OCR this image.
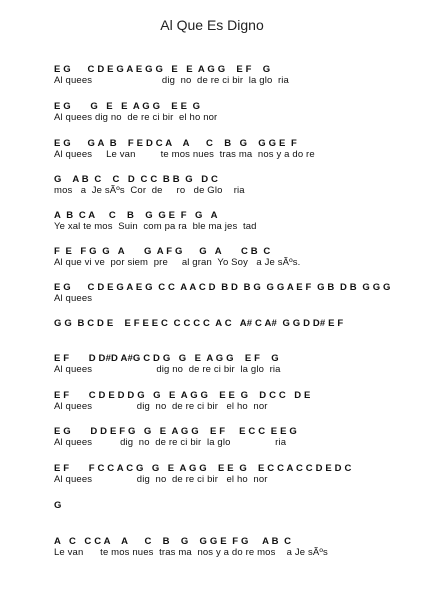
Al Que Es Digno
E G      C D E G A E G G   E   E  A G G    E F    G
Al quees                         dig  no  de re ci bir  la glo  ria
E G       G   E   E  A G G    E E  G
Al quees dig no  de re ci bir  el ho nor
E G      G A  B    F E D C A    A      C    B   G    G G E  F
Al quees     Le van         te mos nues  tras ma  nos y a do re
G    A B  C    C   D  C C  B B  G   D C
mos   a  Je sÃºs  Cor  de     ro   de Glo    ria
A  B  C A     C    B    G  G E  F   G   A
Ye xal te mos  Suin  com pa ra  ble ma jes  tad
F  E   F G  G   A       G  A F G      G   A       C B  C
Al que vi ve  por siem  pre     al gran  Yo Soy   a Je sÃºs.
E G      C D E G A E G  C C  A A C D  B D  B G  G G A E F  G B  D B  G G G
Al quees
G G  B C D E    E F E E C  C C C C  A C   A# C A#  G G D D# E F
E F       D D#D A#G C D G   G   E  A G G    E F    G
Al quees                       dig no  de re ci bir  la glo  ria
E F       C D E D D G   G   E  A G G    E E  G    D C C   D E
Al quees                dig  no  de re ci bir   el ho  nor
E G       D D E F G   G   E  A G G    E F     E C C  E E G
Al quees          dig  no  de re ci bir  la glo                ria
E F       F C C A C G   G   E  A G G    E E  G    E C C A C C D E D C
Al quees                dig  no  de re ci bir   el ho  nor
G
A   C   C C A    A      C    B    G    G G E  F G     A B  C
Le van      te mos nues  tras ma  nos y a do re mos    a Je sÃºs
